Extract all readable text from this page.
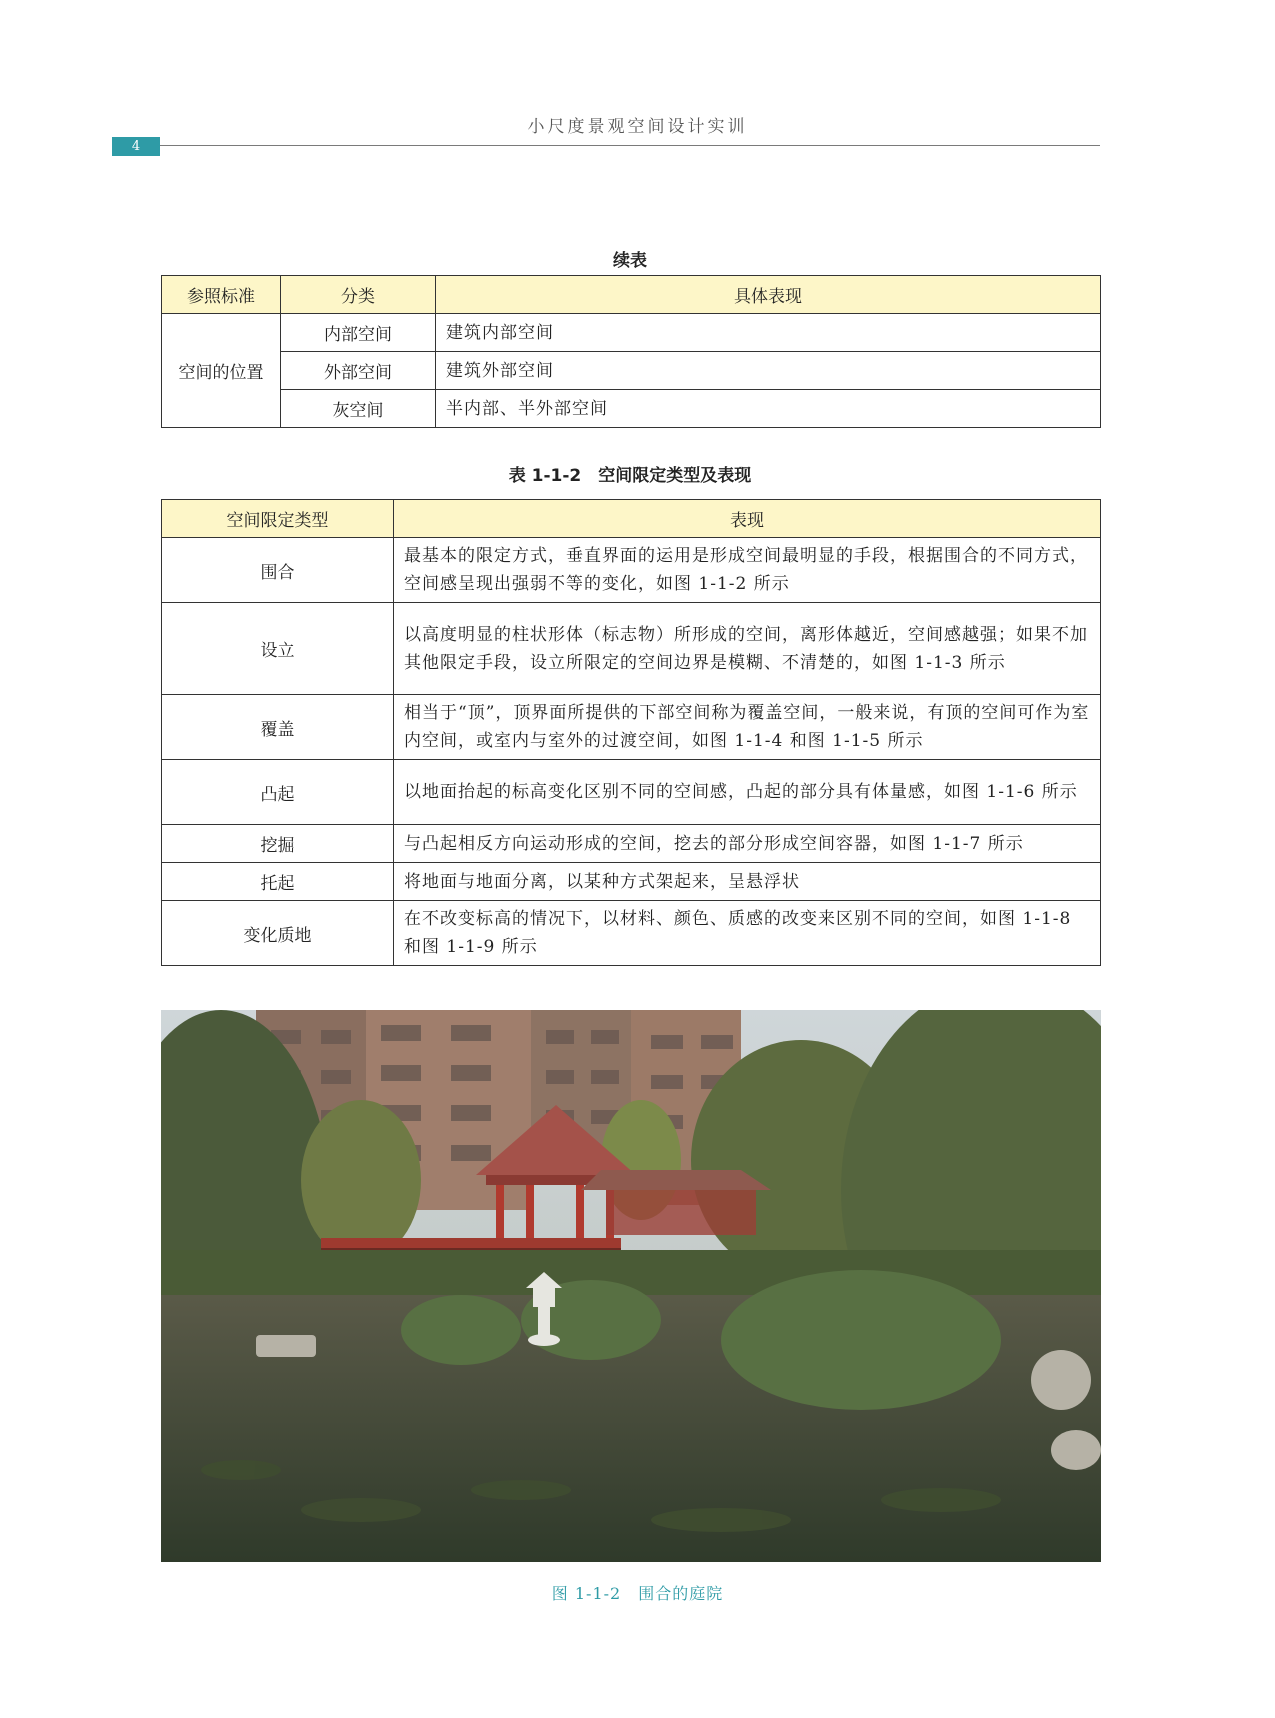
小尺度景观空间设计实训
4
续表
参照标准	分类	具体表现
空间的位置	内部空间	建筑内部空间
	外部空间	建筑外部空间
	灰空间	半内部、半外部空间
表 1-1-2　空间限定类型及表现
空间限定类型	表现
围合	最基本的限定方式，垂直界面的运用是形成空间最明显的手段，根据围合的不同方式，空间感呈现出强弱不等的变化，如图 1-1-2 所示
设立	以高度明显的柱状形体（标志物）所形成的空间，离形体越近，空间感越强；如果不加其他限定手段，设立所限定的空间边界是模糊、不清楚的，如图 1-1-3 所示
覆盖	相当于“顶”，顶界面所提供的下部空间称为覆盖空间，一般来说，有顶的空间可作为室内空间，或室内与室外的过渡空间，如图 1-1-4 和图 1-1-5 所示
凸起	以地面抬起的标高变化区别不同的空间感，凸起的部分具有体量感，如图 1-1-6 所示
挖掘	与凸起相反方向运动形成的空间，挖去的部分形成空间容器，如图 1-1-7 所示
托起	将地面与地面分离，以某种方式架起来，呈悬浮状
变化质地	在不改变标高的情况下，以材料、颜色、质感的改变来区别不同的空间，如图 1-1-8 和图 1-1-9 所示
图 1-1-2　围合的庭院
